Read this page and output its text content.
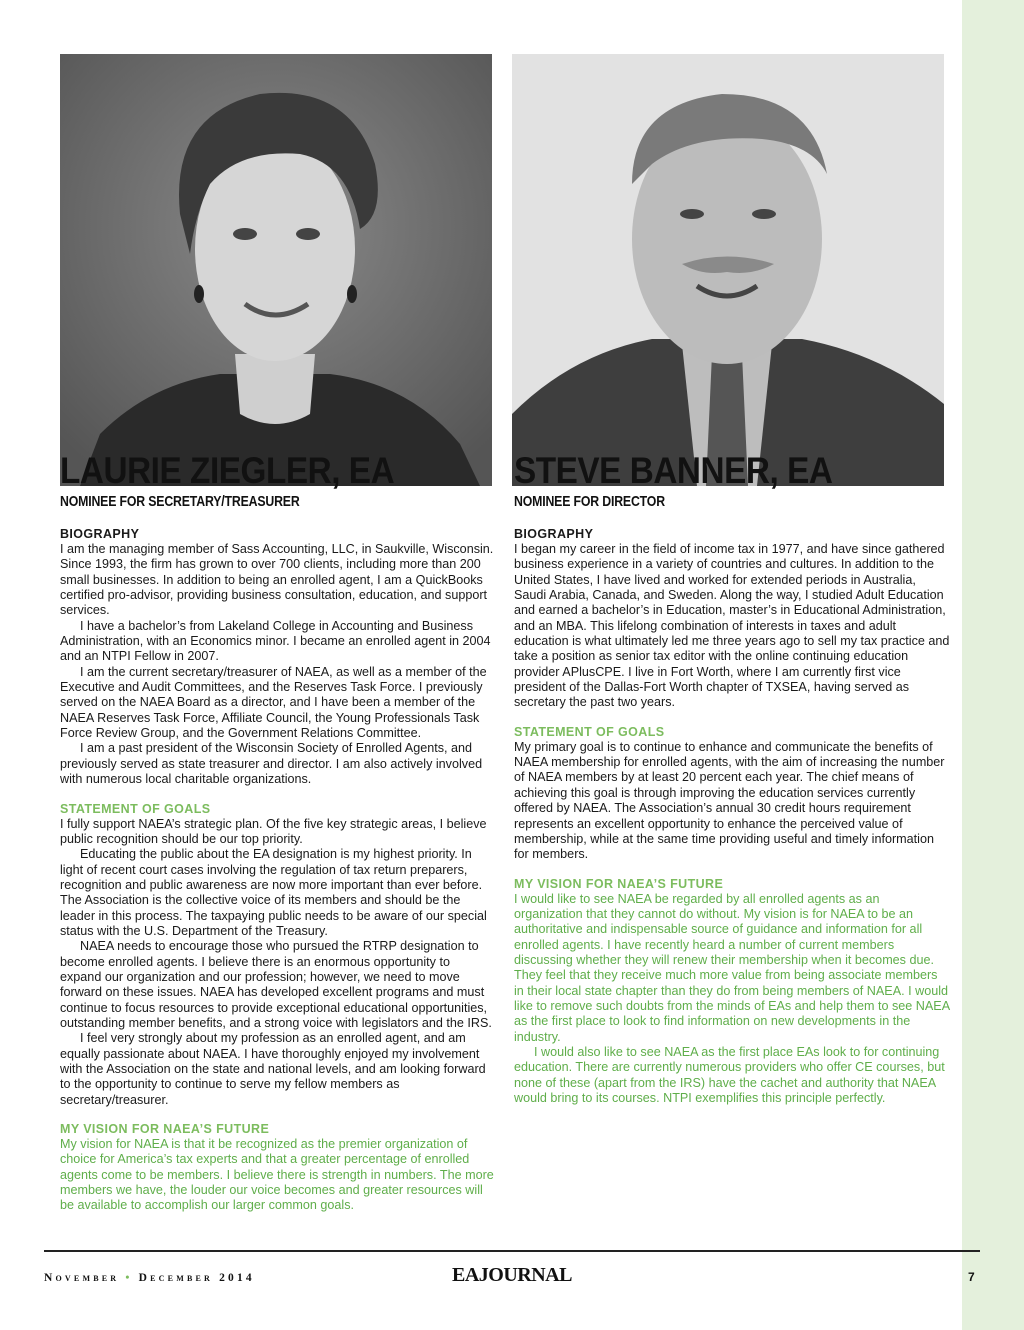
LAURIE ZIEGLER, EA
NOMINEE FOR SECRETARY/TREASURER
STEVE BANNER, EA
NOMINEE FOR DIRECTOR
BIOGRAPHY

I am the managing member of Sass Accounting, LLC, in Saukville, Wisconsin. Since 1993, the firm has grown to over 700 clients, including more than 200 small businesses. In addition to being an enrolled agent, I am a QuickBooks certified pro-advisor, providing business consultation, education, and support services.

I have a bachelor’s from Lakeland College in Accounting and Business Administration, with an Economics minor. I became an enrolled agent in 2004 and an NTPI Fellow in 2007.

I am the current secretary/treasurer of NAEA, as well as a member of the Executive and Audit Committees, and the Reserves Task Force. I previously served on the NAEA Board as a director, and I have been a member of the NAEA Reserves Task Force, Affiliate Council, the Young Professionals Task Force Review Group, and the Government Relations Committee.

I am a past president of the Wisconsin Society of Enrolled Agents, and previously served as state treasurer and director. I am also actively involved with numerous local charitable organizations.

STATEMENT OF GOALS

I fully support NAEA’s strategic plan. Of the five key strategic areas, I believe public recognition should be our top priority.

Educating the public about the EA designation is my highest priority. In light of recent court cases involving the regulation of tax return preparers, recognition and public awareness are now more important than ever before. The Association is the collective voice of its members and should be the leader in this process. The taxpaying public needs to be aware of our special status with the U.S. Department of the Treasury.

NAEA needs to encourage those who pursued the RTRP designation to become enrolled agents. I believe there is an enormous opportunity to expand our organization and our profession; however, we need to move forward on these issues. NAEA has developed excellent programs and must continue to focus resources to provide exceptional educational opportunities, outstanding member benefits, and a strong voice with legislators and the IRS.

I feel very strongly about my profession as an enrolled agent, and am equally passionate about NAEA. I have thoroughly enjoyed my involvement with the Association on the state and national levels, and am looking forward to the opportunity to continue to serve my fellow members as secretary/treasurer.

MY VISION FOR NAEA’S FUTURE

My vision for NAEA is that it be recognized as the premier organization of choice for America’s tax experts and that a greater percentage of enrolled agents come to be members. I believe there is strength in numbers. The more members we have, the louder our voice becomes and greater resources will be available to accomplish our larger common goals.

BIOGRAPHY

I began my career in the field of income tax in 1977, and have since gathered business experience in a variety of countries and cultures. In addition to the United States, I have lived and worked for extended periods in Australia, Saudi Arabia, Canada, and Sweden. Along the way, I studied Adult Education and earned a bachelor’s in Education, master’s in Educational Administration, and an MBA. This lifelong combination of interests in taxes and adult education is what ultimately led me three years ago to sell my tax practice and take a position as senior tax editor with the online continuing education provider APlusCPE. I live in Fort Worth, where I am currently first vice president of the Dallas-Fort Worth chapter of TXSEA, having served as secretary the past two years.

STATEMENT OF GOALS

My primary goal is to continue to enhance and communicate the benefits of NAEA membership for enrolled agents, with the aim of increasing the number of NAEA members by at least 20 percent each year. The chief means of achieving this goal is through improving the education services currently offered by NAEA. The Association’s annual 30 credit hours requirement represents an excellent opportunity to enhance the perceived value of membership, while at the same time providing useful and timely information for members.

MY VISION FOR NAEA’S FUTURE

I would like to see NAEA be regarded by all enrolled agents as an organization that they cannot do without. My vision is for NAEA to be an authoritative and indispensable source of guidance and information for all enrolled agents. I have recently heard a number of current members discussing whether they will renew their membership when it becomes due. They feel that they receive much more value from being associate members in their local state chapter than they do from being members of NAEA. I would like to remove such doubts from the minds of EAs and help them to see NAEA as the first place to look to find information on new developments in the industry.

I would also like to see NAEA as the first place EAs look to for continuing education. There are currently numerous providers who offer CE courses, but none of these (apart from the IRS) have the cachet and authority that NAEA would bring to its courses. NTPI exemplifies this principle perfectly.

November • December 2014	EAJOURNAL	7
